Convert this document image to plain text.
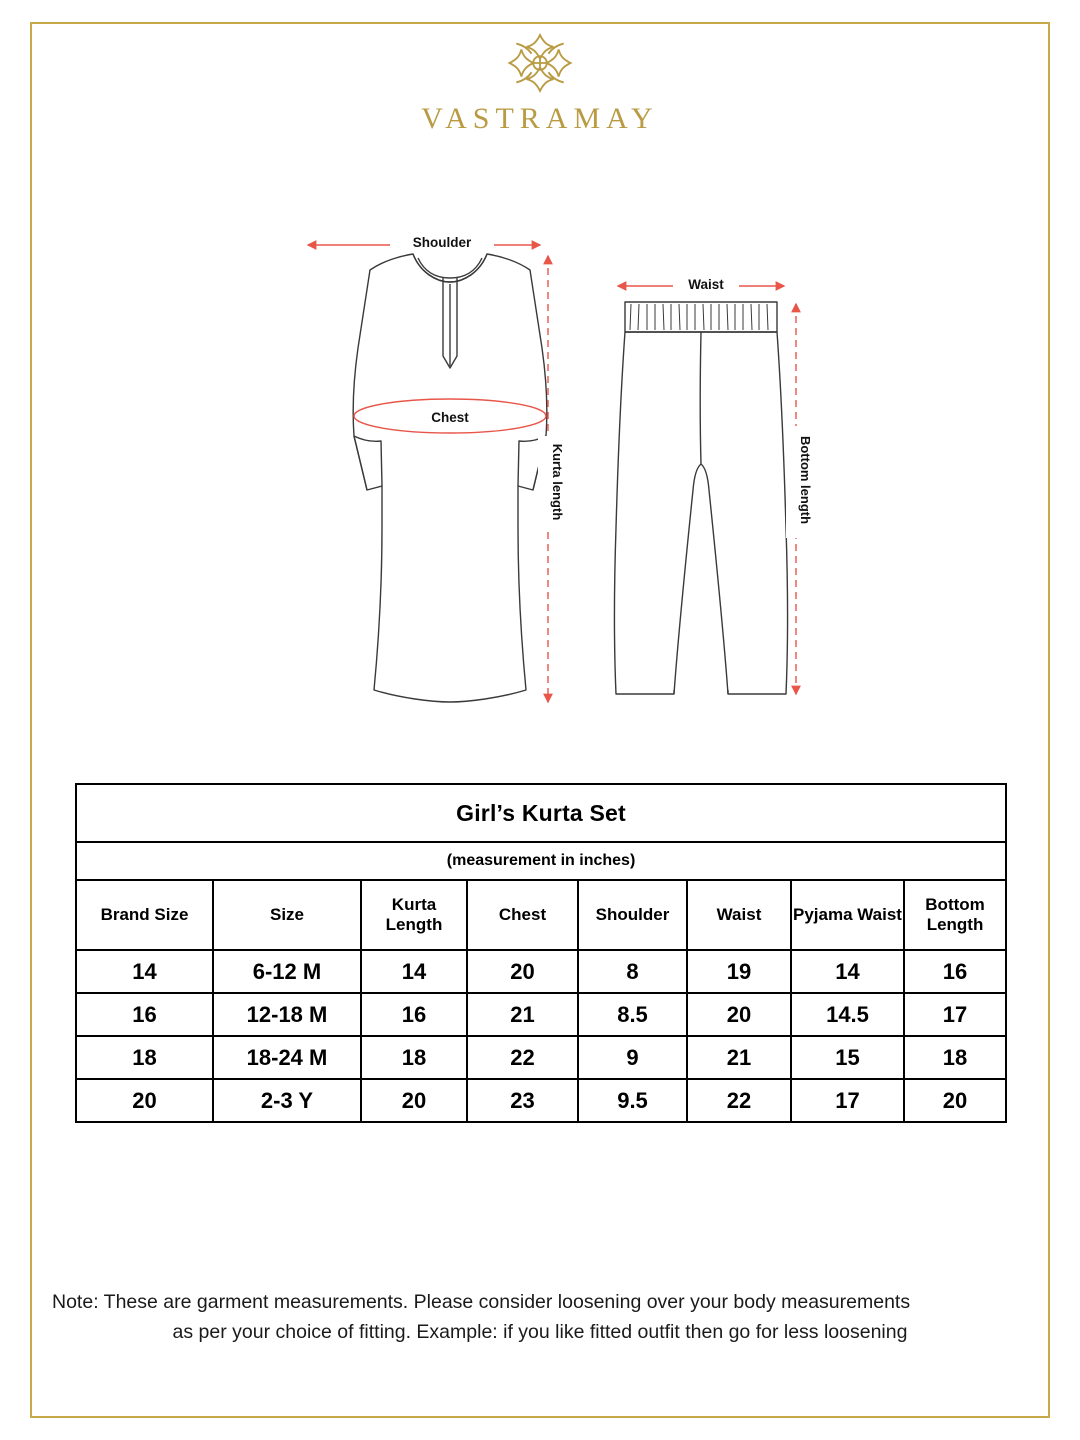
VASTRAMAY
Shoulder
Chest
Kurta length
Waist
Bottom length
Girl’s Kurta Set							
(measurement in inches)							
Brand Size	Size	Kurta Length	Chest	Shoulder	Waist	Pyjama Waist	Bottom Length
14	6-12 M	14	20	8	19	14	16
16	12-18 M	16	21	8.5	20	14.5	17
18	18-24 M	18	22	9	21	15	18
20	2-3 Y	20	23	9.5	22	17	20
Note: These are garment measurements. Please consider loosening over your body measurements
as per your choice of fitting. Example: if you like fitted outfit then go for less loosening
